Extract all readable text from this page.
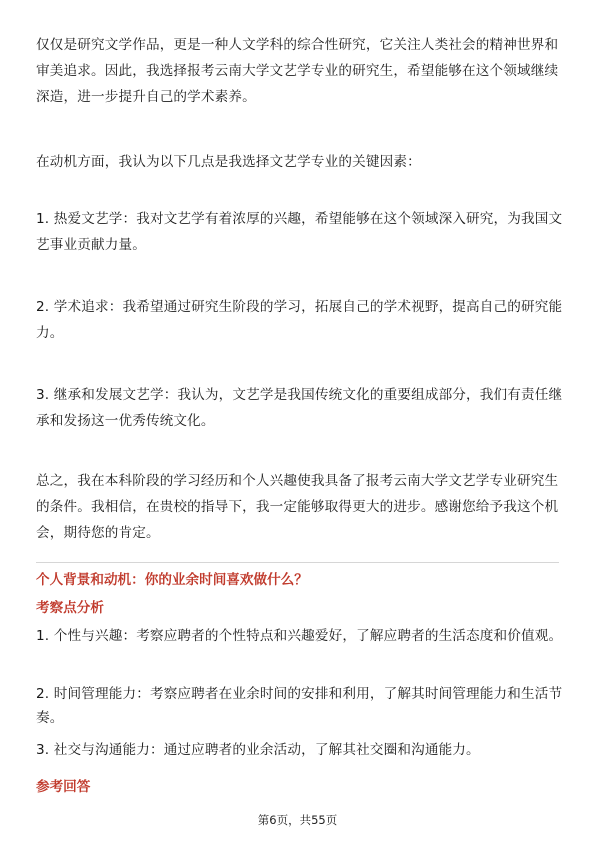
仅仅是研究文学作品，更是一种人文学科的综合性研究，它关注人类社会的精神世界和审美追求。因此，我选择报考云南大学文艺学专业的研究生，希望能够在这个领域继续深造，进一步提升自己的学术素养。

在动机方面，我认为以下几点是我选择文艺学专业的关键因素：

1. 热爱文艺学：我对文艺学有着浓厚的兴趣，希望能够在这个领域深入研究，为我国文艺事业贡献力量。

2. 学术追求：我希望通过研究生阶段的学习，拓展自己的学术视野，提高自己的研究能力。

3. 继承和发展文艺学：我认为，文艺学是我国传统文化的重要组成部分，我们有责任继承和发扬这一优秀传统文化。

总之，我在本科阶段的学习经历和个人兴趣使我具备了报考云南大学文艺学专业研究生的条件。我相信，在贵校的指导下，我一定能够取得更大的进步。感谢您给予我这个机会，期待您的肯定。

个人背景和动机：你的业余时间喜欢做什么？

考察点分析

1. 个性与兴趣：考察应聘者的个性特点和兴趣爱好，了解应聘者的生活态度和价值观。

2. 时间管理能力：考察应聘者在业余时间的安排和利用，了解其时间管理能力和生活节奏。

3. 社交与沟通能力：通过应聘者的业余活动，了解其社交圈和沟通能力。

参考回答

第6页，共55页
